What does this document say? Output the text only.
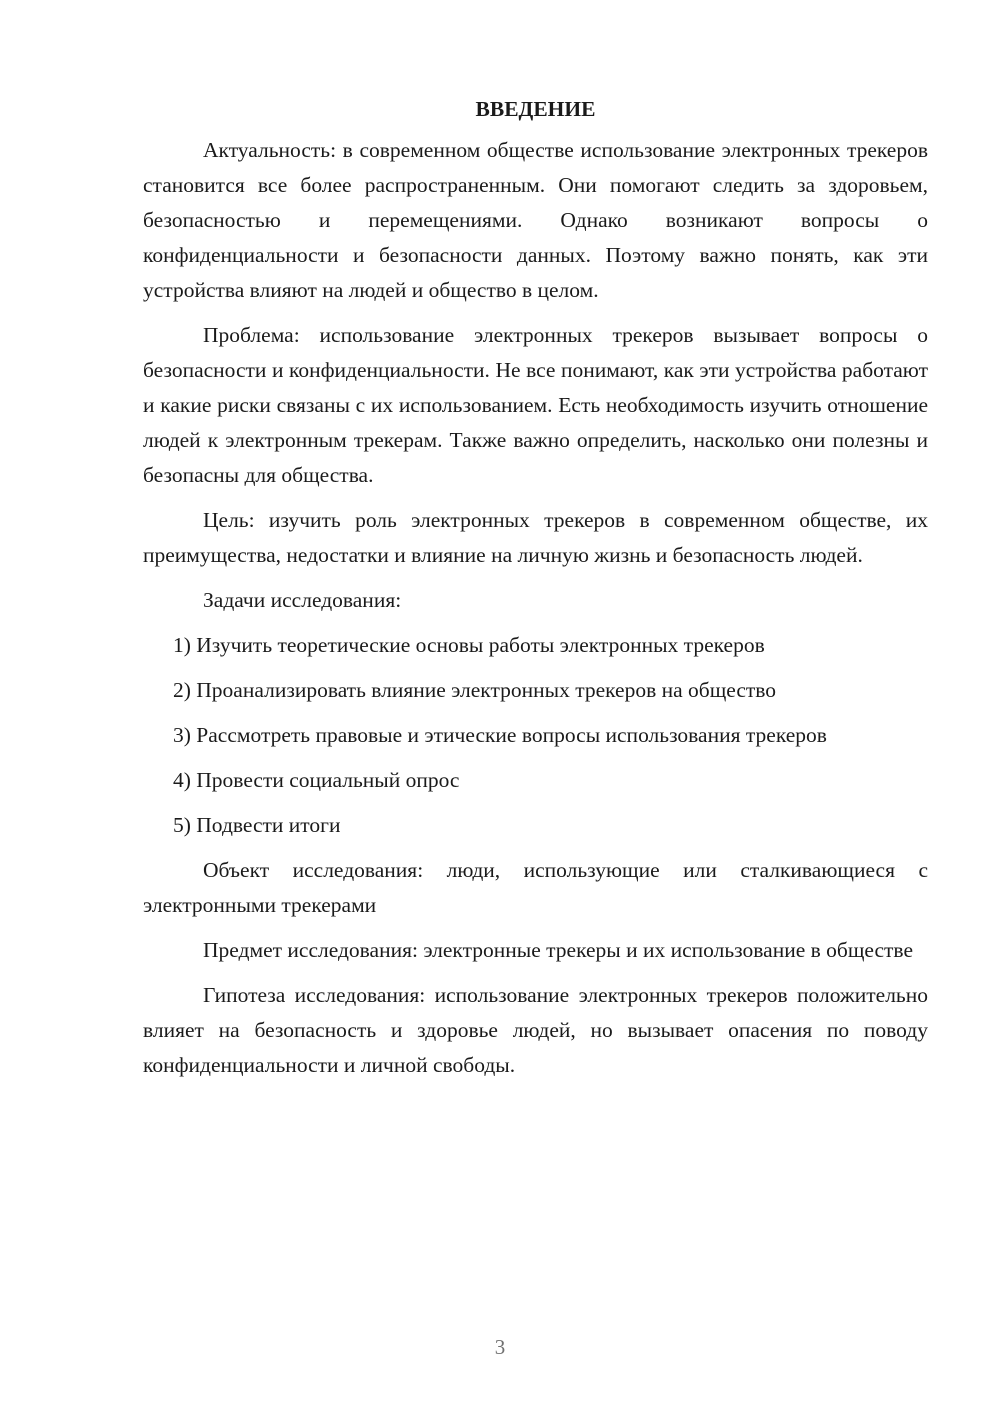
ВВЕДЕНИЕ

Актуальность: в современном обществе использование электронных трекеров становится все более распространенным. Они помогают следить за здоровьем, безопасностью и перемещениями. Однако возникают вопросы о конфиденциальности и безопасности данных. Поэтому важно понять, как эти устройства влияют на людей и общество в целом.

Проблема: использование электронных трекеров вызывает вопросы о безопасности и конфиденциальности. Не все понимают, как эти устройства работают и какие риски связаны с их использованием. Есть необходимость изучить отношение людей к электронным трекерам. Также важно определить, насколько они полезны и безопасны для общества.

Цель: изучить роль электронных трекеров в современном обществе, их преимущества, недостатки и влияние на личную жизнь и безопасность людей.

Задачи исследования:

1) Изучить теоретические основы работы электронных трекеров

2) Проанализировать влияние электронных трекеров на общество

3) Рассмотреть правовые и этические вопросы использования трекеров

4) Провести социальный опрос

5) Подвести итоги

Объект исследования: люди, использующие или сталкивающиеся с электронными трекерами

Предмет исследования: электронные трекеры и их использование в обществе

Гипотеза исследования: использование электронных трекеров положительно влияет на безопасность и здоровье людей, но вызывает опасения по поводу конфиденциальности и личной свободы.

3
